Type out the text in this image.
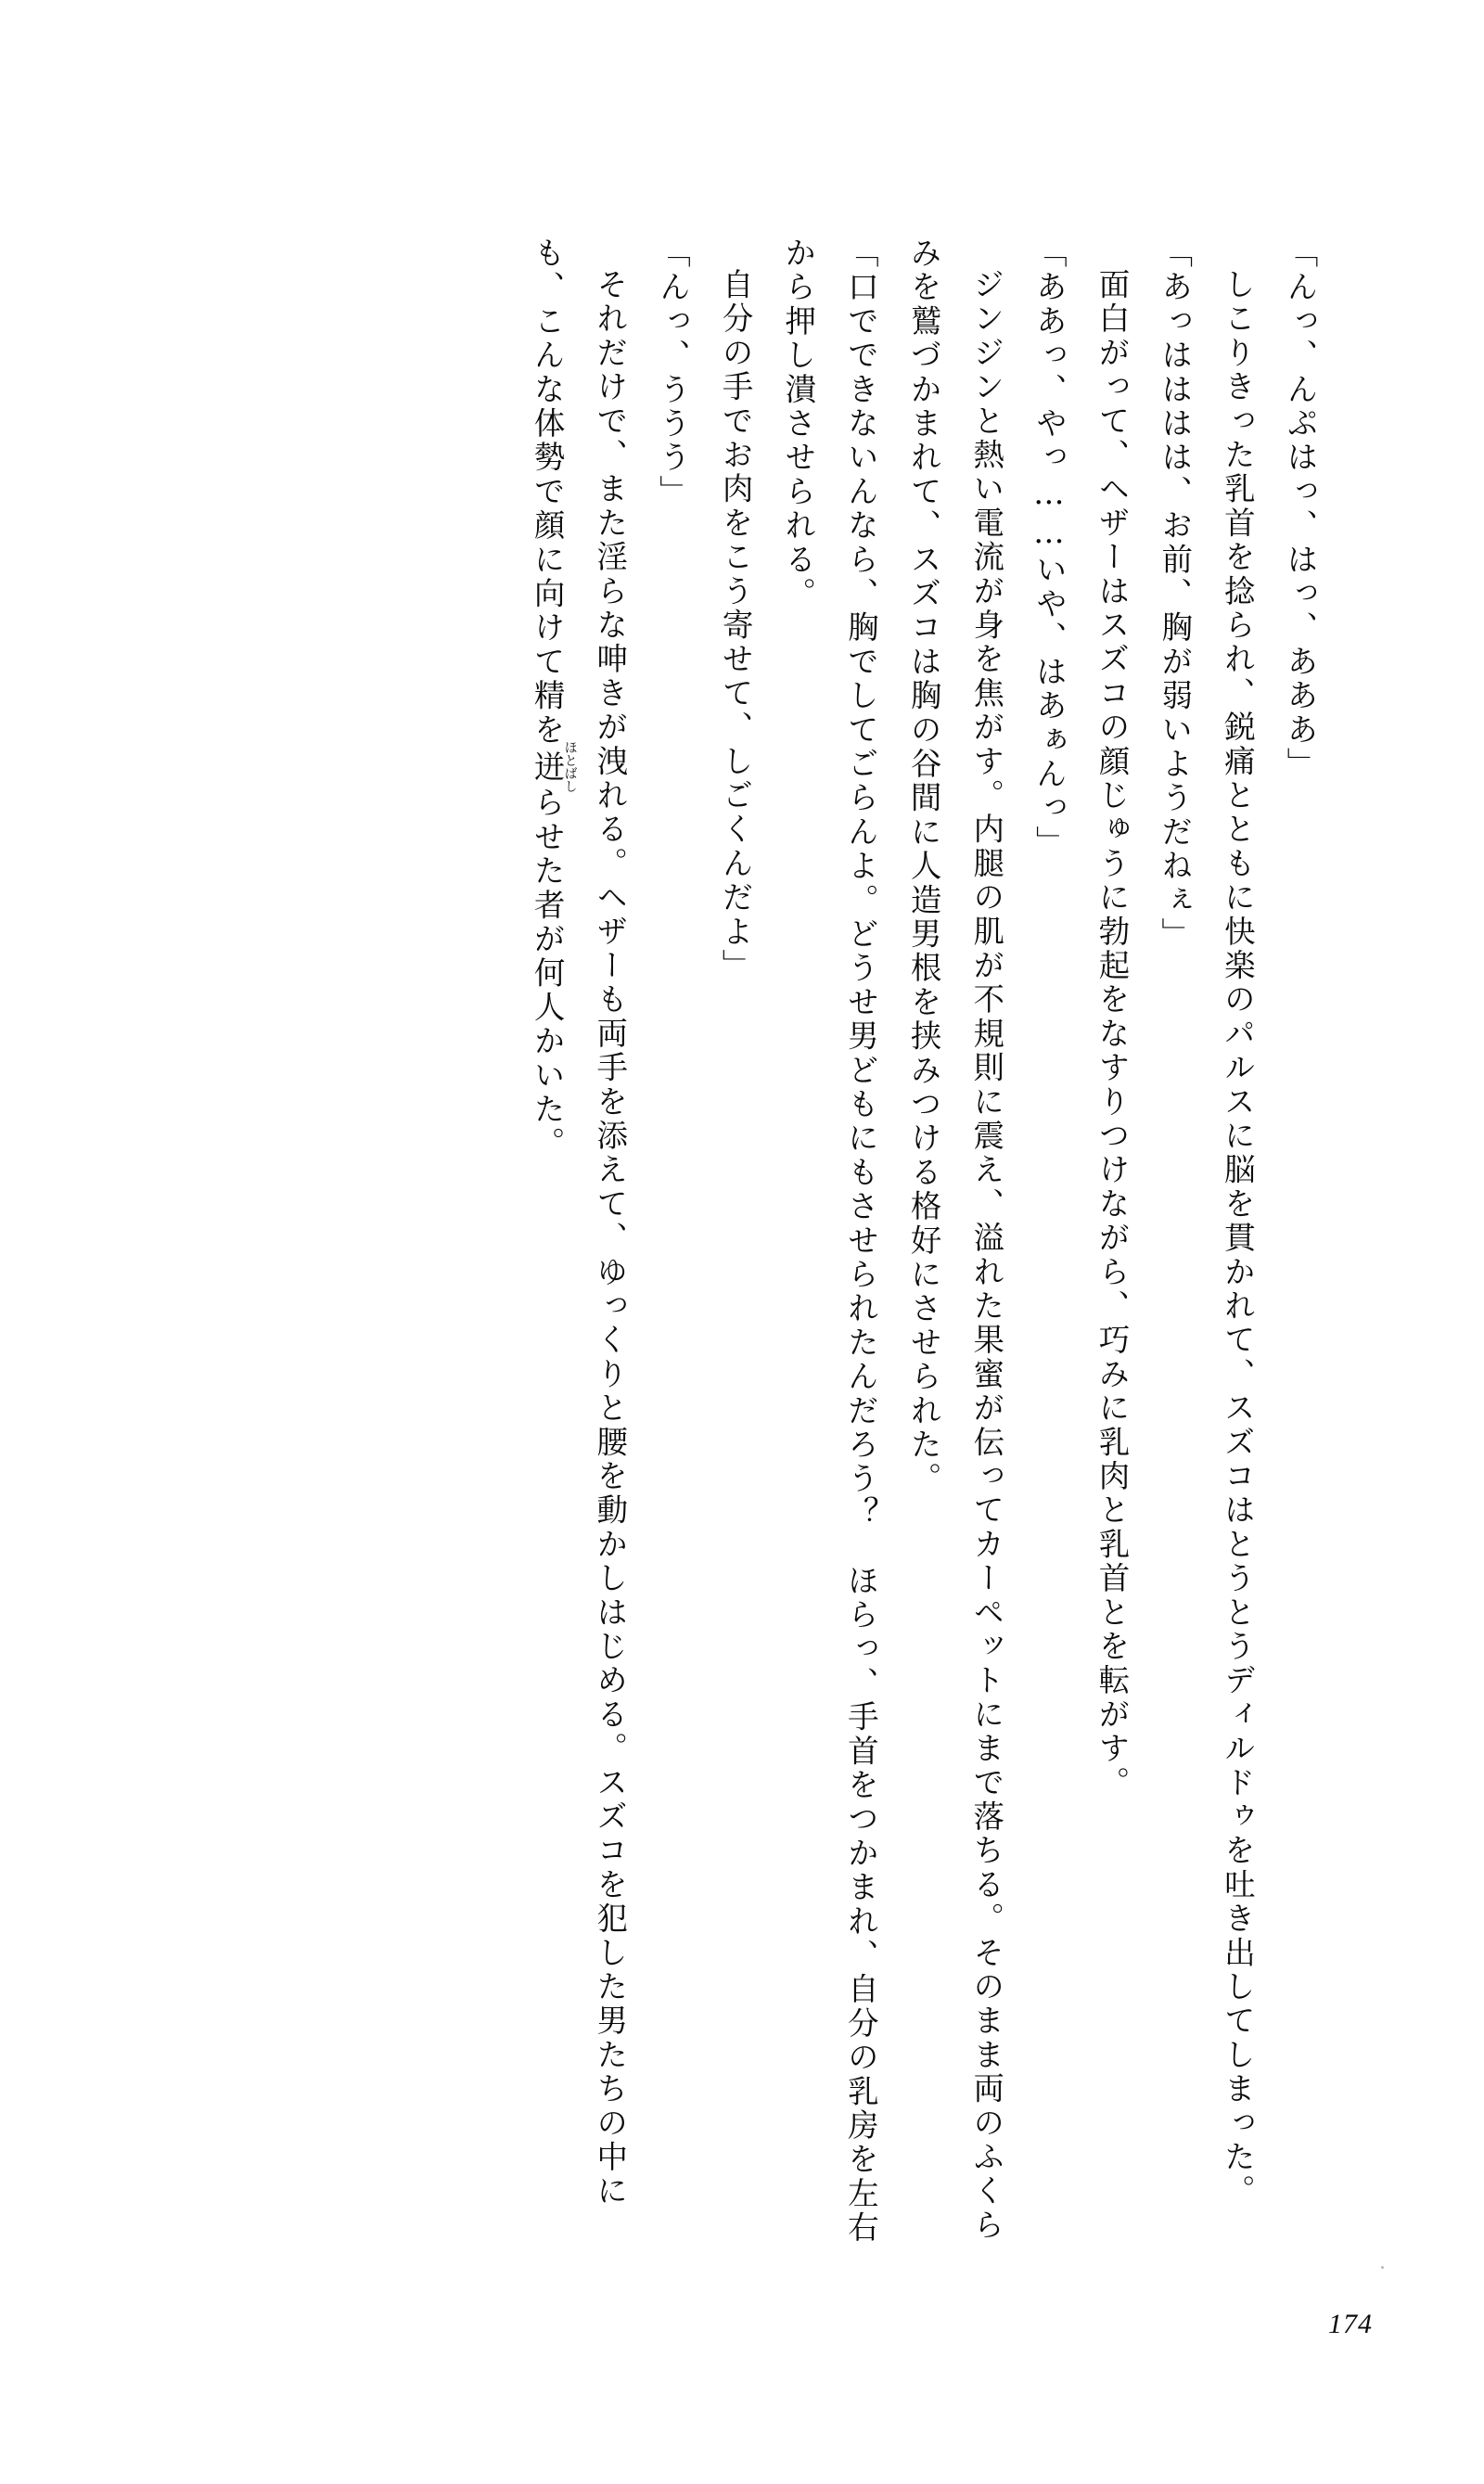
「んっ、んぷはっ、はっ、あああ」

しこりきった乳首を捻られ、鋭痛とともに快楽のパルスに脳を貫かれて、スズコはとうとうディルドゥを吐き出してしまった。

「あっはははは、お前、胸が弱いようだねぇ」

面白がって、ヘザーはスズコの顔じゅうに勃起をなすりつけながら、巧みに乳肉と乳首とを転がす。

「ああっ、やっ……いや、はあぁんっ」

ジンジンと熱い電流が身を焦がす。内腿の肌が不規則に震え、溢れた果蜜が伝ってカーペットにまで落ちる。そのまま両のふくらみを鷲づかまれて、スズコは胸の谷間に人造男根を挟みつける格好にさせられた。

「口でできないんなら、胸でしてごらんよ。どうせ男どもにもさせられたんだろう？　ほらっ、手首をつかまれ、自分の乳房を左右から押し潰させられる。

自分の手でお肉をこう寄せて、しごくんだよ」

「んっ、ううう」

それだけで、また淫らな呻きが洩れる。ヘザーも両手を添えて、ゆっくりと腰を動かしはじめる。スズコを犯した男たちの中にも、こんな体勢で顔に向けて精を迸ほとばしらせた者が何人かいた。

174
